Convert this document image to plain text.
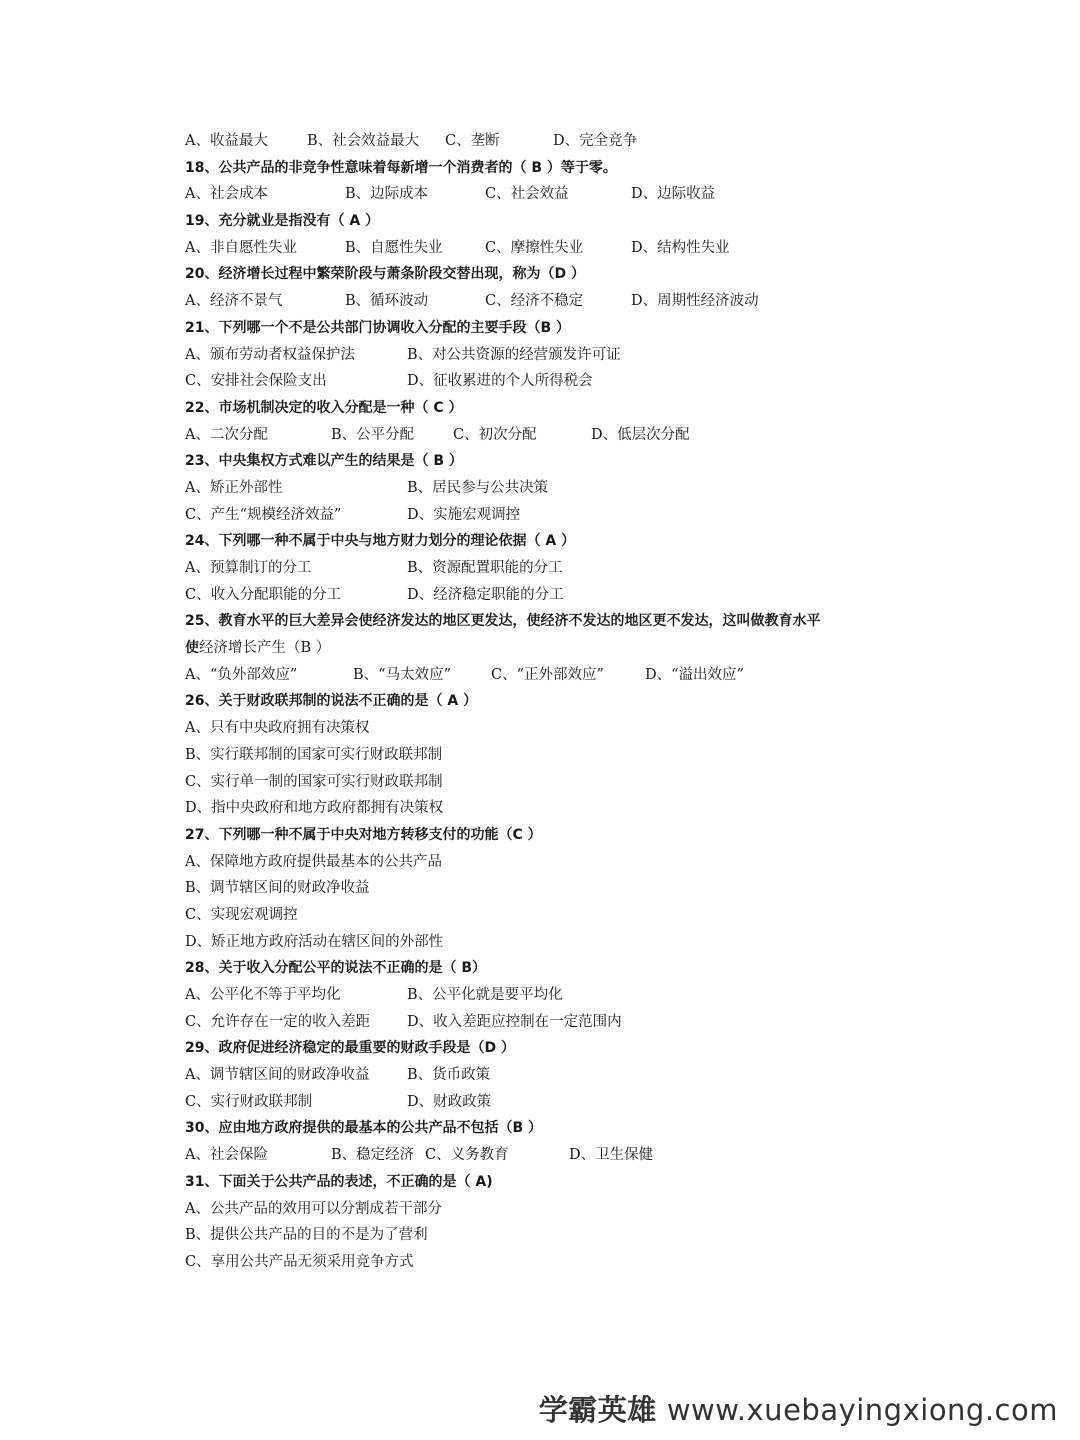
A、收益最大	B、社会效益最大 C、垄断	D、完全竞争
18、公共产品的非竞争性意味着每新增一个消费者的（ B ）等于零。
A、社会成本	B、边际成本	C、社会效益	D、边际收益
19、充分就业是指没有（ A ）
A、非自愿性失业	B、自愿性失业	C、摩擦性失业	D、结构性失业
20、经济增长过程中繁荣阶段与萧条阶段交替出现，称为（D ）
A、经济不景气	B、循环波动	C、经济不稳定	D、周期性经济波动
21、下列哪一个不是公共部门协调收入分配的主要手段（B ）
A、颁布劳动者权益保护法	B、对公共资源的经营颁发许可证
C、安排社会保险支出	D、征收累进的个人所得税会
22、市场机制决定的收入分配是一种（ C ）
A、二次分配	B、公平分配	C、初次分配	D、低层次分配
23、中央集权方式难以产生的结果是（ B ）
A、矫正外部性	B、居民参与公共决策
C、产生“规模经济效益”	D、实施宏观调控
24、下列哪一种不属于中央与地方财力划分的理论依据（ A ）
A、预算制订的分工	B、资源配置职能的分工
C、收入分配职能的分工	D、经济稳定职能的分工
25、教育水平的巨大差异会使经济发达的地区更发达，使经济不发达的地区更不发达，这叫做教育水平
使经济增长产生（B ）
A、“负外部效应”	B、“马太效应”	C、“正外部效应”	D、“溢出效应”
26、关于财政联邦制的说法不正确的是（ A ）
A、只有中央政府拥有决策权
B、实行联邦制的国家可实行财政联邦制
C、实行单一制的国家可实行财政联邦制
D、指中央政府和地方政府都拥有决策权
27、下列哪一种不属于中央对地方转移支付的功能（C ）
A、保障地方政府提供最基本的公共产品
B、调节辖区间的财政净收益
C、实现宏观调控
D、矫正地方政府活动在辖区间的外部性
28、关于收入分配公平的说法不正确的是（ B）
A、公平化不等于平均化	B、公平化就是要平均化
C、允许存在一定的收入差距	D、收入差距应控制在一定范围内
29、政府促进经济稳定的最重要的财政手段是（D ）
A、调节辖区间的财政净收益	B、货币政策
C、实行财政联邦制	D、财政政策
30、应由地方政府提供的最基本的公共产品不包括（B ）
A、社会保险	B、稳定经济 C、义务教育	D、卫生保健
31、下面关于公共产品的表述，不正确的是（ A)
A、公共产品的效用可以分割成若干部分
B、提供公共产品的目的不是为了营利
C、享用公共产品无须采用竞争方式
学霸英雄 www.xuebayingxiong.com
